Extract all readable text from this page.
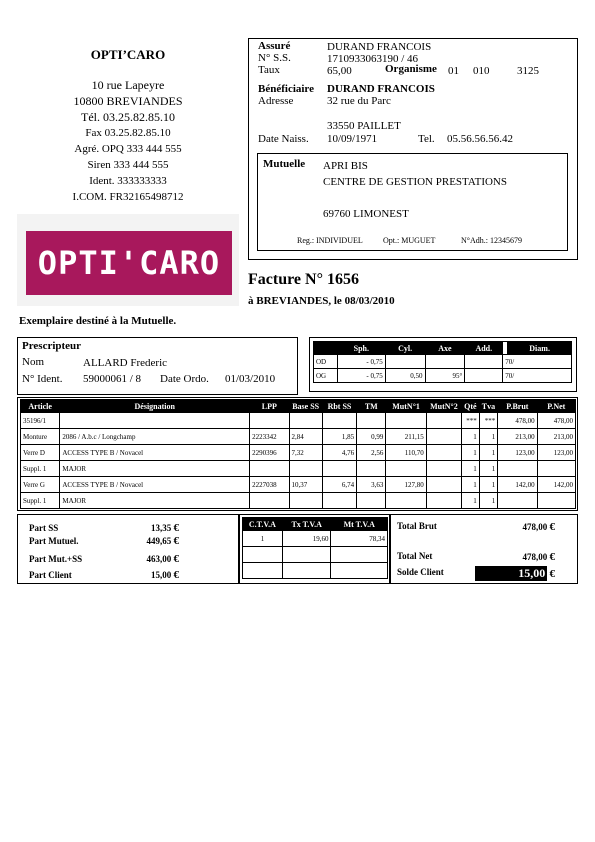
OPTI’CARO
10 rue Lapeyre
10800 BREVIANDES
Tél. 03.25.82.85.10
Fax 03.25.82.85.10
Agré. OPQ 333 444 555
Siren 333 444 555
Ident. 333333333
I.COM. FR32165498712
OPTI'CARO
Assuré	DURAND FRANCOIS
N° S.S.	1710933063190 / 46
Taux	65,00	Organisme	01	010	3125
Bénéficiaire	DURAND FRANCOIS
Adresse	32 rue du Parc
33550 PAILLET
Date Naiss.	10/09/1971	Tel.	05.56.56.56.42
Mutuelle APRI BIS
CENTRE DE GESTION PRESTATIONS
69760 LIMONEST
Reg.: INDIVIDUEL	Opt.: MUGUET	N°Adh.: 12345679
Facture N° 1656
à BREVIANDES, le 08/03/2010
Exemplaire destiné à la Mutuelle.
Prescripteur
Nom	ALLARD Frederic
N° Ident.	59000061 / 8	Date Ordo.	01/03/2010
	Sph.	Cyl.	Axe	Add.		Diam.
OD	- 0,75				70/	
OG	- 0,75	0,50	95°		70/	
Article	Désignation	LPP	Base SS	Rbt SS	TM	MutN°1	MutN°2	Qté	Tva	P.Brut	P.Net
35196/1								***	***	478,00	478,00
Monture	2086 / A.b.c / Longchamp	2223342	2,84	1,85	0,99	211,15		1	1	213,00	213,00
Verre D	ACCESS TYPE B / Novacel	2290396	7,32	4,76	2,56	110,70		1	1	123,00	123,00
Suppl. 1	MAJOR							1	1		
Verre G	ACCESS TYPE B / Novacel	2227038	10,37	6,74	3,63	127,80		1	1	142,00	142,00
Suppl. 1	MAJOR							1	1		
Part SS	13,35 €
Part Mutuel.	449,65 €
Part Mut.+SS	463,00 €
Part Client	15,00 €
C.T.V.A	Tx T.V.A	Mt T.V.A
1	19,60	78,34

Total Brut	478,00 €
Total Net	478,00 €
Solde Client	15,00 €
